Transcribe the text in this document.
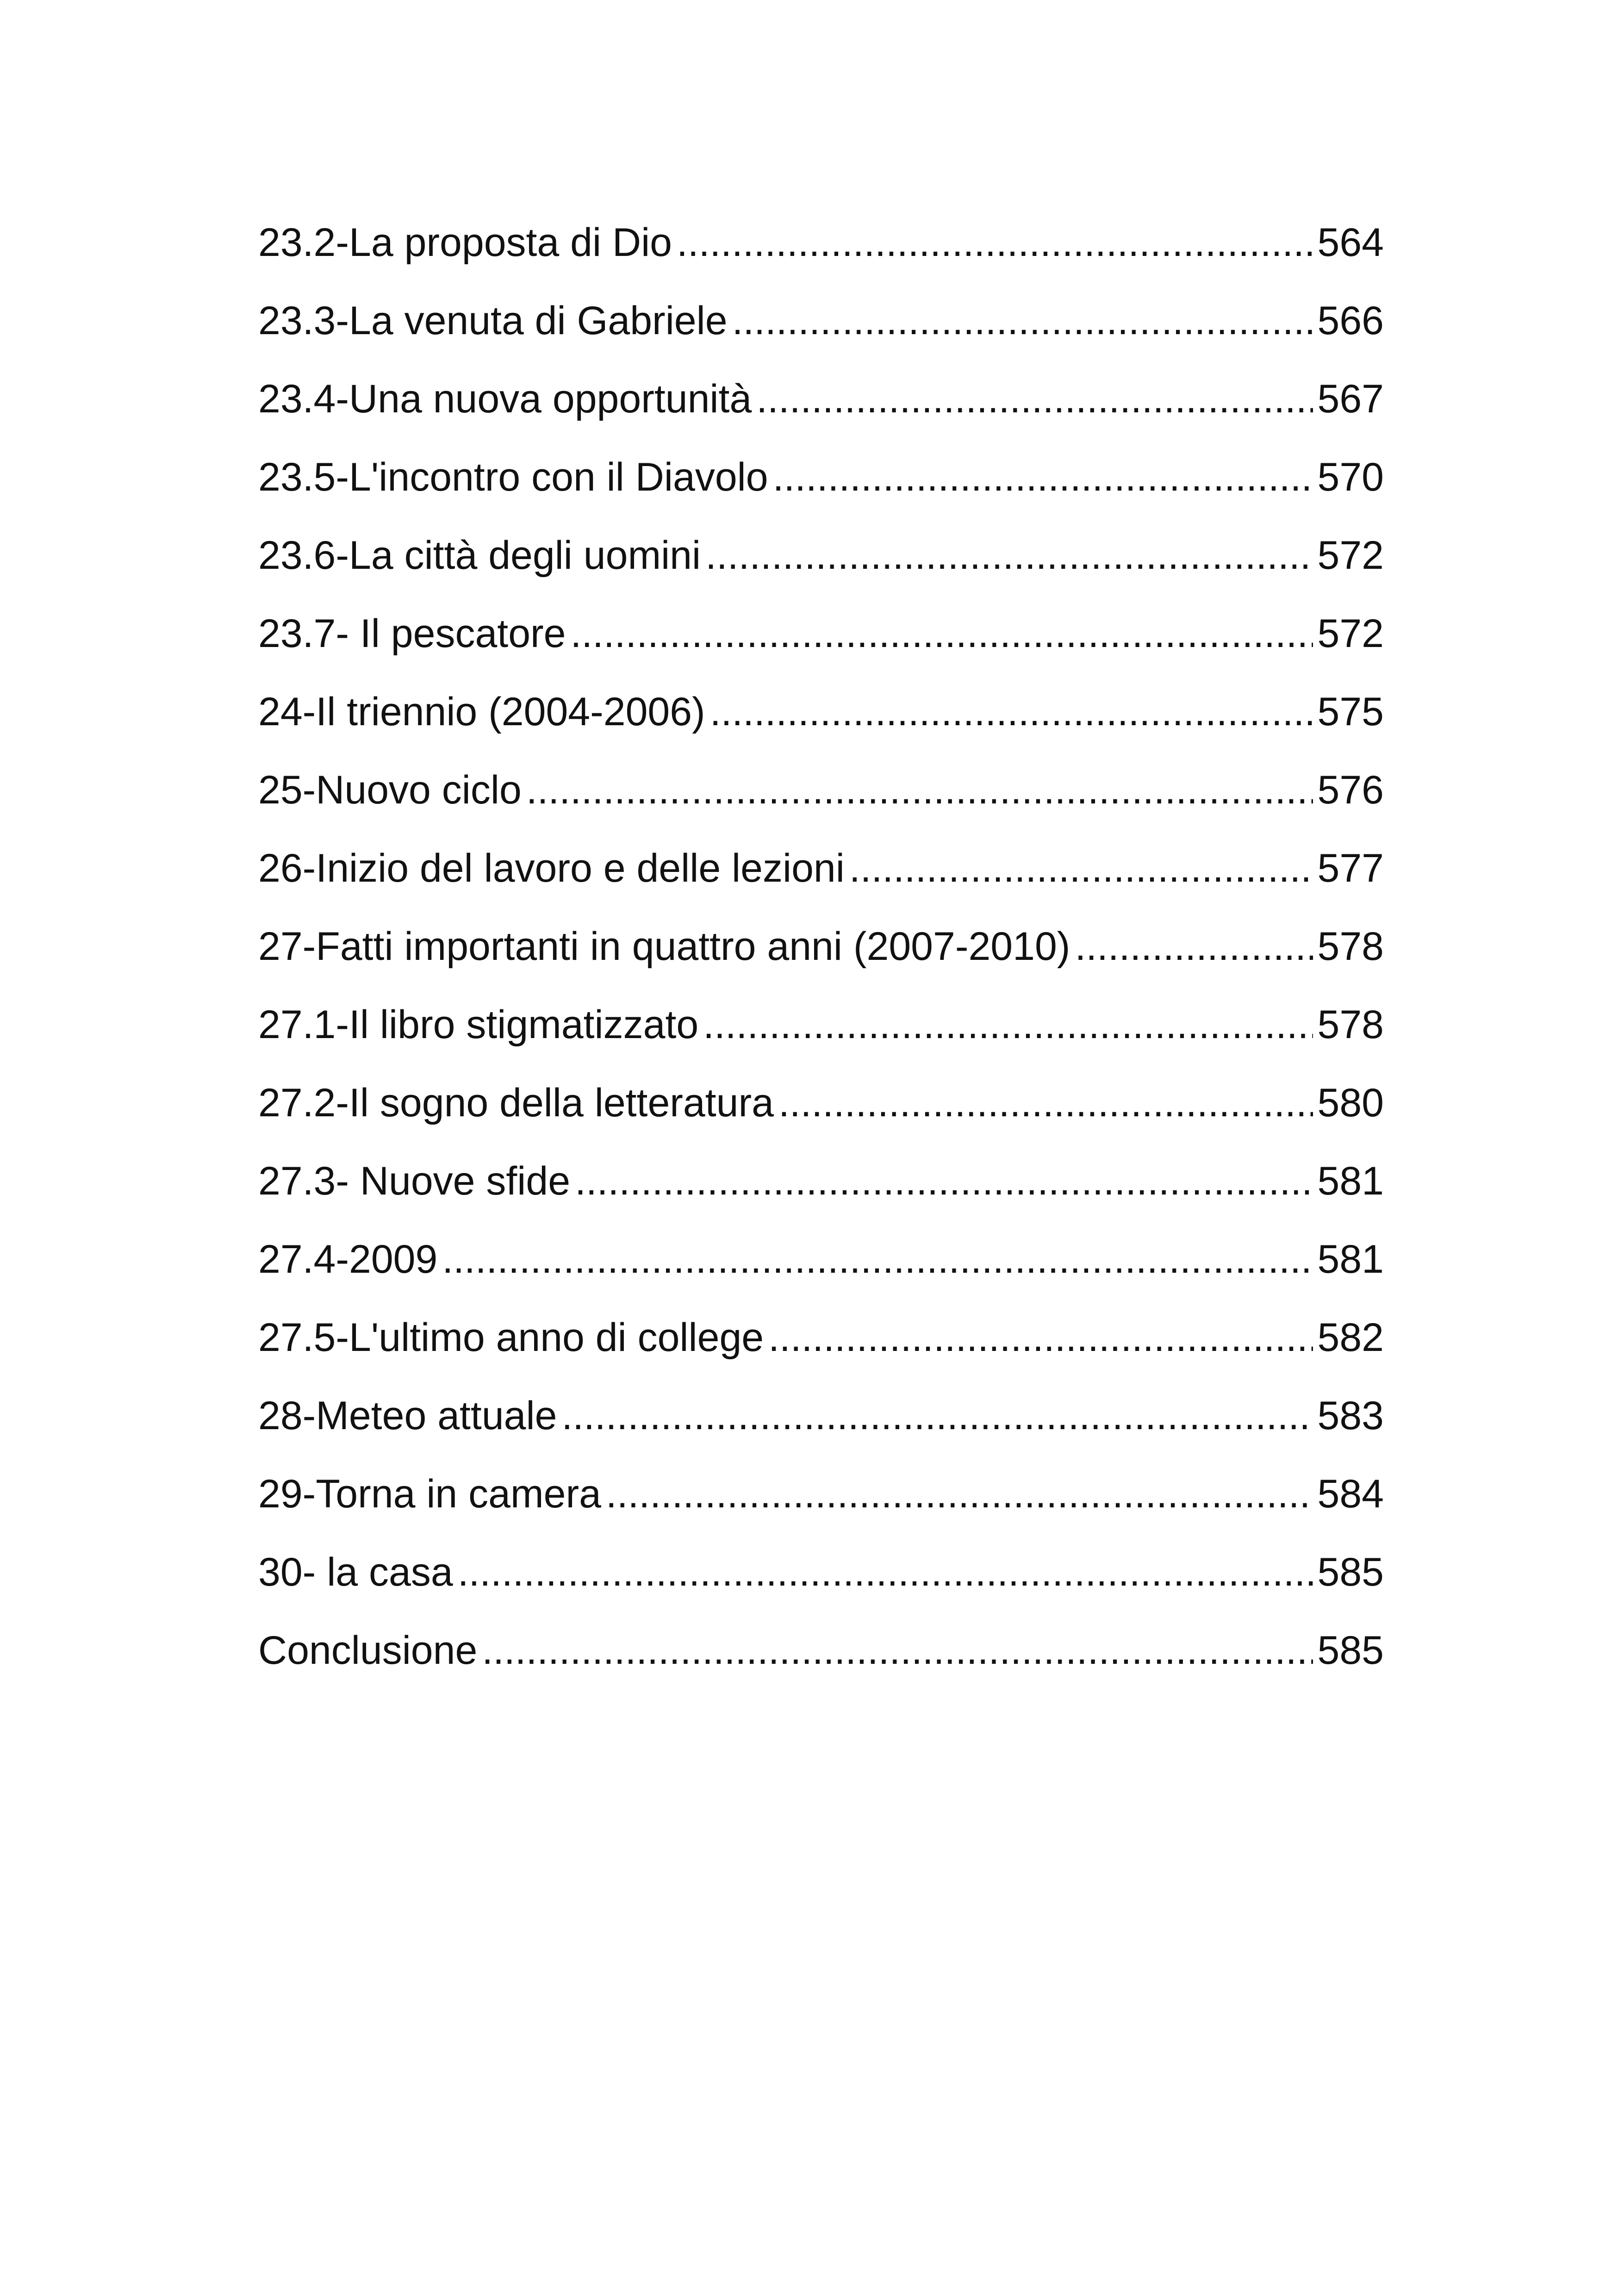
23.2-La proposta di Dio . . .	564
23.3-La venuta di Gabriele . . .	566
23.4-Una nuova opportunità . . .	567
23.5-L'incontro con il Diavolo . . .	570
23.6-La città degli uomini . . .	572
23.7- Il pescatore . . .	572
24-Il triennio (2004-2006) . . .	575
25-Nuovo ciclo . . .	576
26-Inizio del lavoro e delle lezioni . . .	577
27-Fatti importanti in quattro anni (2007-2010) . . .	578
27.1-Il libro stigmatizzato . . .	578
27.2-Il sogno della letteratura . . .	580
27.3- Nuove sfide . . .	581
27.4-2009 . . .	581
27.5-L'ultimo anno di college . . .	582
28-Meteo attuale . . .	583
29-Torna in camera . . .	584
30- la casa . . .	585
Conclusione . . .	585
